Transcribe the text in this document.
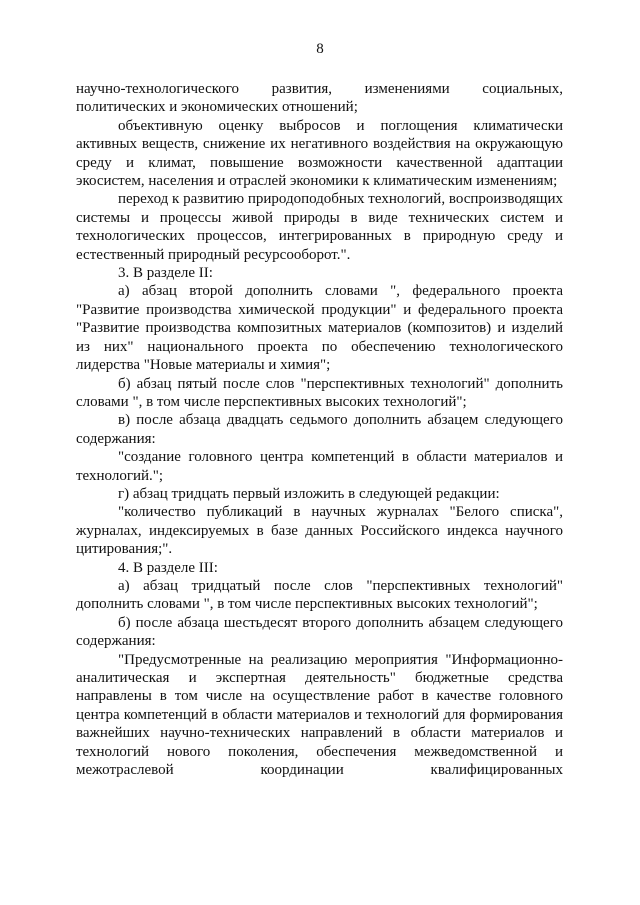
8

научно-технологического развития, изменениями социальных, политических и экономических отношений;

объективную оценку выбросов и поглощения климатически активных веществ, снижение их негативного воздействия на окружающую среду и климат, повышение возможности качественной адаптации экосистем, населения и отраслей экономики к климатическим изменениям;

переход к развитию природоподобных технологий, воспроизводящих системы и процессы живой природы в виде технических систем и технологических процессов, интегрированных в природную среду и естественный природный ресурсооборот.".

3. В разделе II:

а) абзац второй дополнить словами ", федерального проекта "Развитие производства химической продукции" и федерального проекта "Развитие производства композитных материалов (композитов) и изделий из них" национального проекта по обеспечению технологического лидерства "Новые материалы и химия";

б) абзац пятый после слов "перспективных технологий" дополнить словами ", в том числе перспективных высоких технологий";

в) после абзаца двадцать седьмого дополнить абзацем следующего содержания:

"создание головного центра компетенций в области материалов и технологий.";

г) абзац тридцать первый изложить в следующей редакции:

"количество публикаций в научных журналах "Белого списка", журналах, индексируемых в базе данных Российского индекса научного цитирования;".

4. В разделе III:

а) абзац тридцатый после слов "перспективных технологий" дополнить словами ", в том числе перспективных высоких технологий";

б) после абзаца шестьдесят второго дополнить абзацем следующего содержания:

"Предусмотренные на реализацию мероприятия "Информационно-аналитическая и экспертная деятельность" бюджетные средства направлены в том числе на осуществление работ в качестве головного центра компетенций в области материалов и технологий для формирования важнейших научно-технических направлений в области материалов и технологий нового поколения, обеспечения межведомственной и межотраслевой координации квалифицированных
